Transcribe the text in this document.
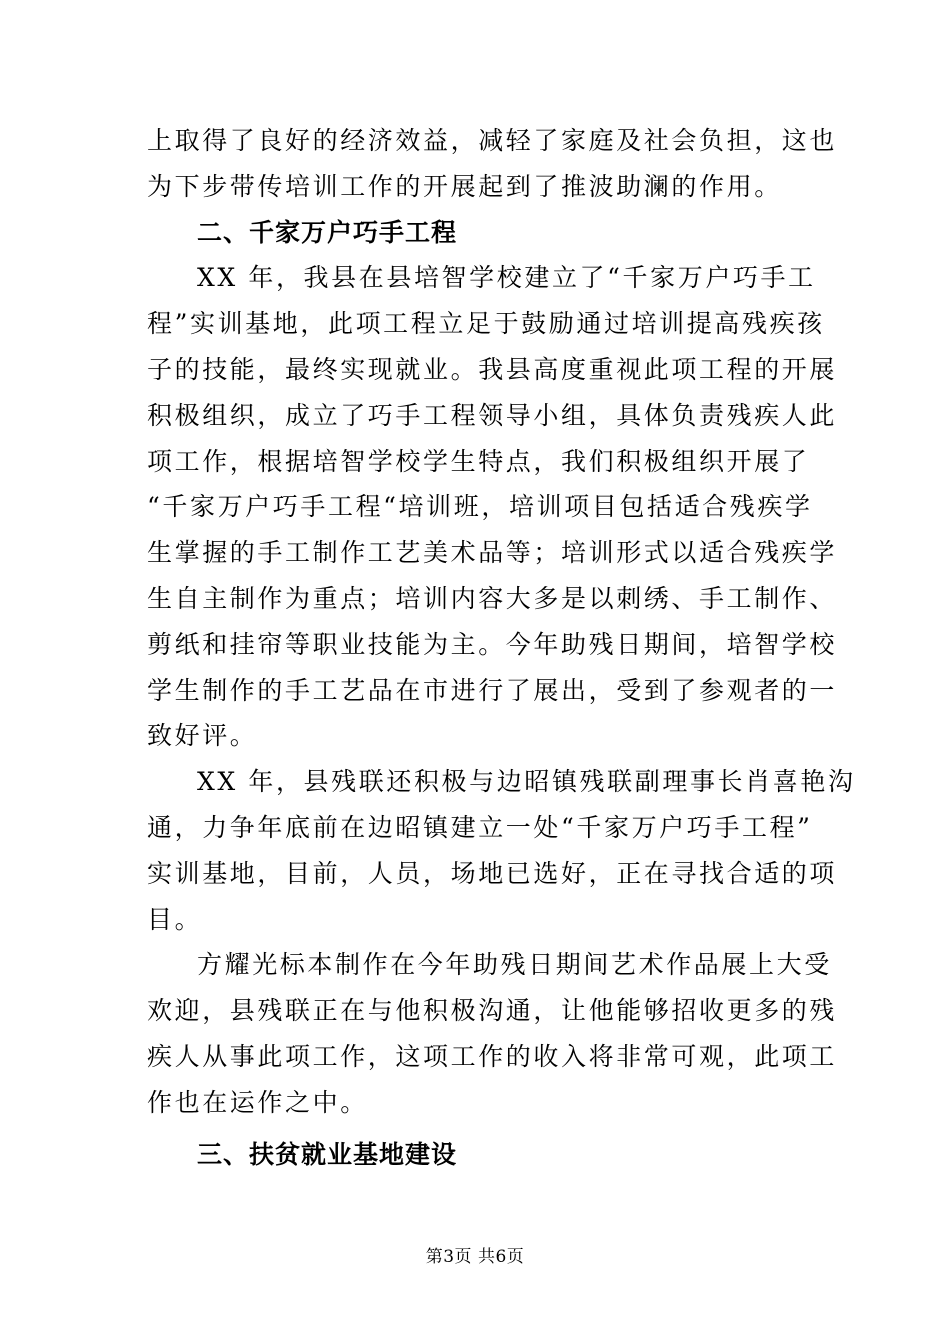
上取得了良好的经济效益，减轻了家庭及社会负担，这也
为下步带传培训工作的开展起到了推波助澜的作用。
二、千家万户巧手工程
XX 年，我县在县培智学校建立了“千家万户巧手工
程”实训基地，此项工程立足于鼓励通过培训提高残疾孩
子的技能，最终实现就业。我县高度重视此项工程的开展
积极组织，成立了巧手工程领导小组，具体负责残疾人此
项工作，根据培智学校学生特点，我们积极组织开展了
“千家万户巧手工程“培训班，培训项目包括适合残疾学
生掌握的手工制作工艺美术品等；培训形式以适合残疾学
生自主制作为重点；培训内容大多是以刺绣、手工制作、
剪纸和挂帘等职业技能为主。今年助残日期间，培智学校
学生制作的手工艺品在市进行了展出，受到了参观者的一
致好评。
XX 年，县残联还积极与边昭镇残联副理事长肖喜艳沟
通，力争年底前在边昭镇建立一处“千家万户巧手工程”
实训基地，目前，人员，场地已选好，正在寻找合适的项
目。
方耀光标本制作在今年助残日期间艺术作品展上大受
欢迎，县残联正在与他积极沟通，让他能够招收更多的残
疾人从事此项工作，这项工作的收入将非常可观，此项工
作也在运作之中。
三、扶贫就业基地建设
第3页 共6页
